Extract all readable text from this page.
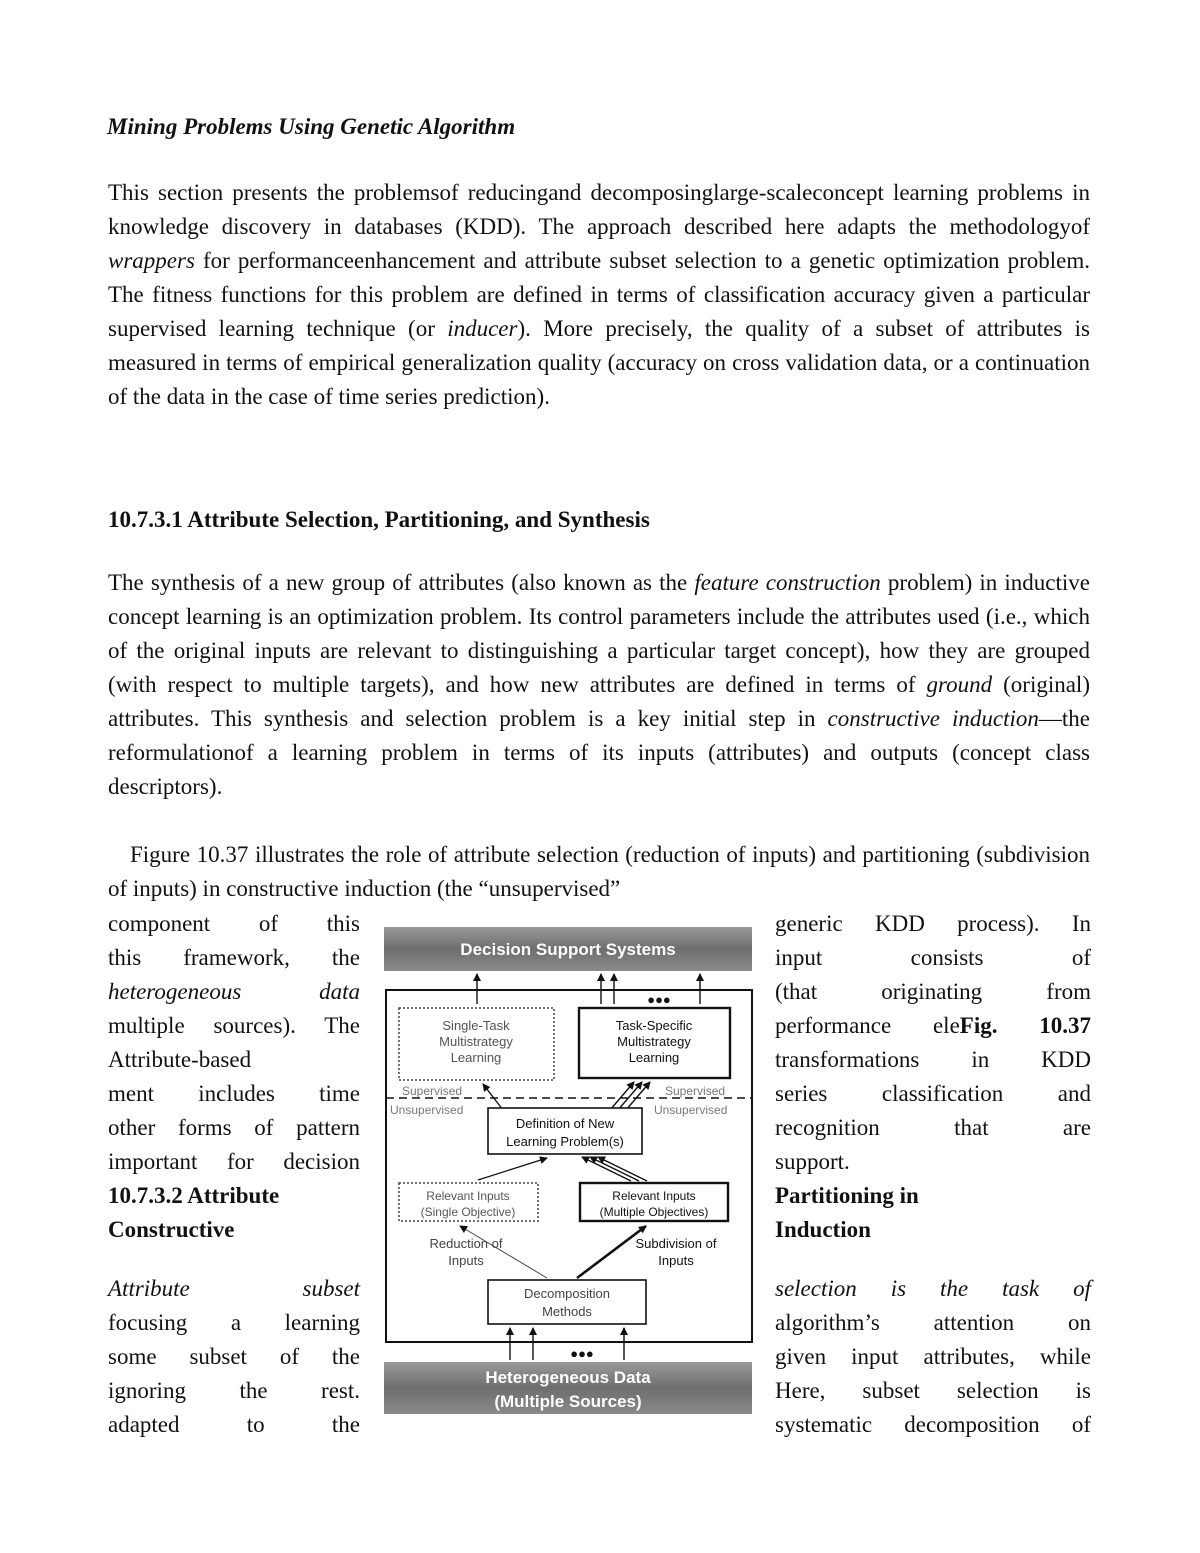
Mining Problems Using Genetic Algorithm

This section presents the problemsof reducingand decomposinglarge-scaleconcept learning problems in knowledge discovery in databases (KDD). The approach described here adapts the methodologyof wrappers for performanceenhancement and attribute subset selection to a genetic optimization problem. The fitness functions for this problem are defined in terms of classification accuracy given a particular supervised learning technique (or inducer). More precisely, the quality of a subset of attributes is measured in terms of empirical generalization quality (accuracy on cross validation data, or a continuation of the data in the case of time series prediction).

10.7.3.1 Attribute Selection, Partitioning, and Synthesis

The synthesis of a new group of attributes (also known as the feature construction problem) in inductive concept learning is an optimization problem. Its control parameters include the attributes used (i.e., which of the original inputs are relevant to distinguishing a particular target concept), how they are grouped (with respect to multiple targets), and how new attributes are defined in terms of ground (original) attributes. This synthesis and selection problem is a key initial step in constructive induction—the reformulationof a learning problem in terms of its inputs (attributes) and outputs (concept class descriptors).

Figure 10.37 illustrates the role of attribute selection (reduction of inputs) and partitioning (subdivision of inputs) in constructive induction (the “unsupervised”

component of this
this framework, the
heterogeneous data
multiple sources). The
Attribute-based
ment includes time
other forms of pattern
important for decision
10.7.3.2 Attribute
Constructive
Attribute subset
focusing a learning
some subset of the
ignoring the rest.
adapted to the
generic KDD process). In
input consists of
(that originating from
performance eleFig. 10.37
transformations in KDD
series classification and
recognition that are
support.
Partitioning in
Induction
selection is the task of
algorithm’s attention on
given input attributes, while
Here, subset selection is
systematic decomposition of
Decision Support Systems
●●●
Single-Task
Multistrategy
Learning
Task-Specific
Multistrategy
Learning
Supervised
Unsupervised
Supervised
Unsupervised
Definition of New
Learning Problem(s)
Relevant Inputs
(Single Objective)
Relevant Inputs
(Multiple Objectives)
Reduction of
Inputs
Subdivision of
Inputs
Decomposition
Methods
●●●
Heterogeneous Data
(Multiple Sources)
